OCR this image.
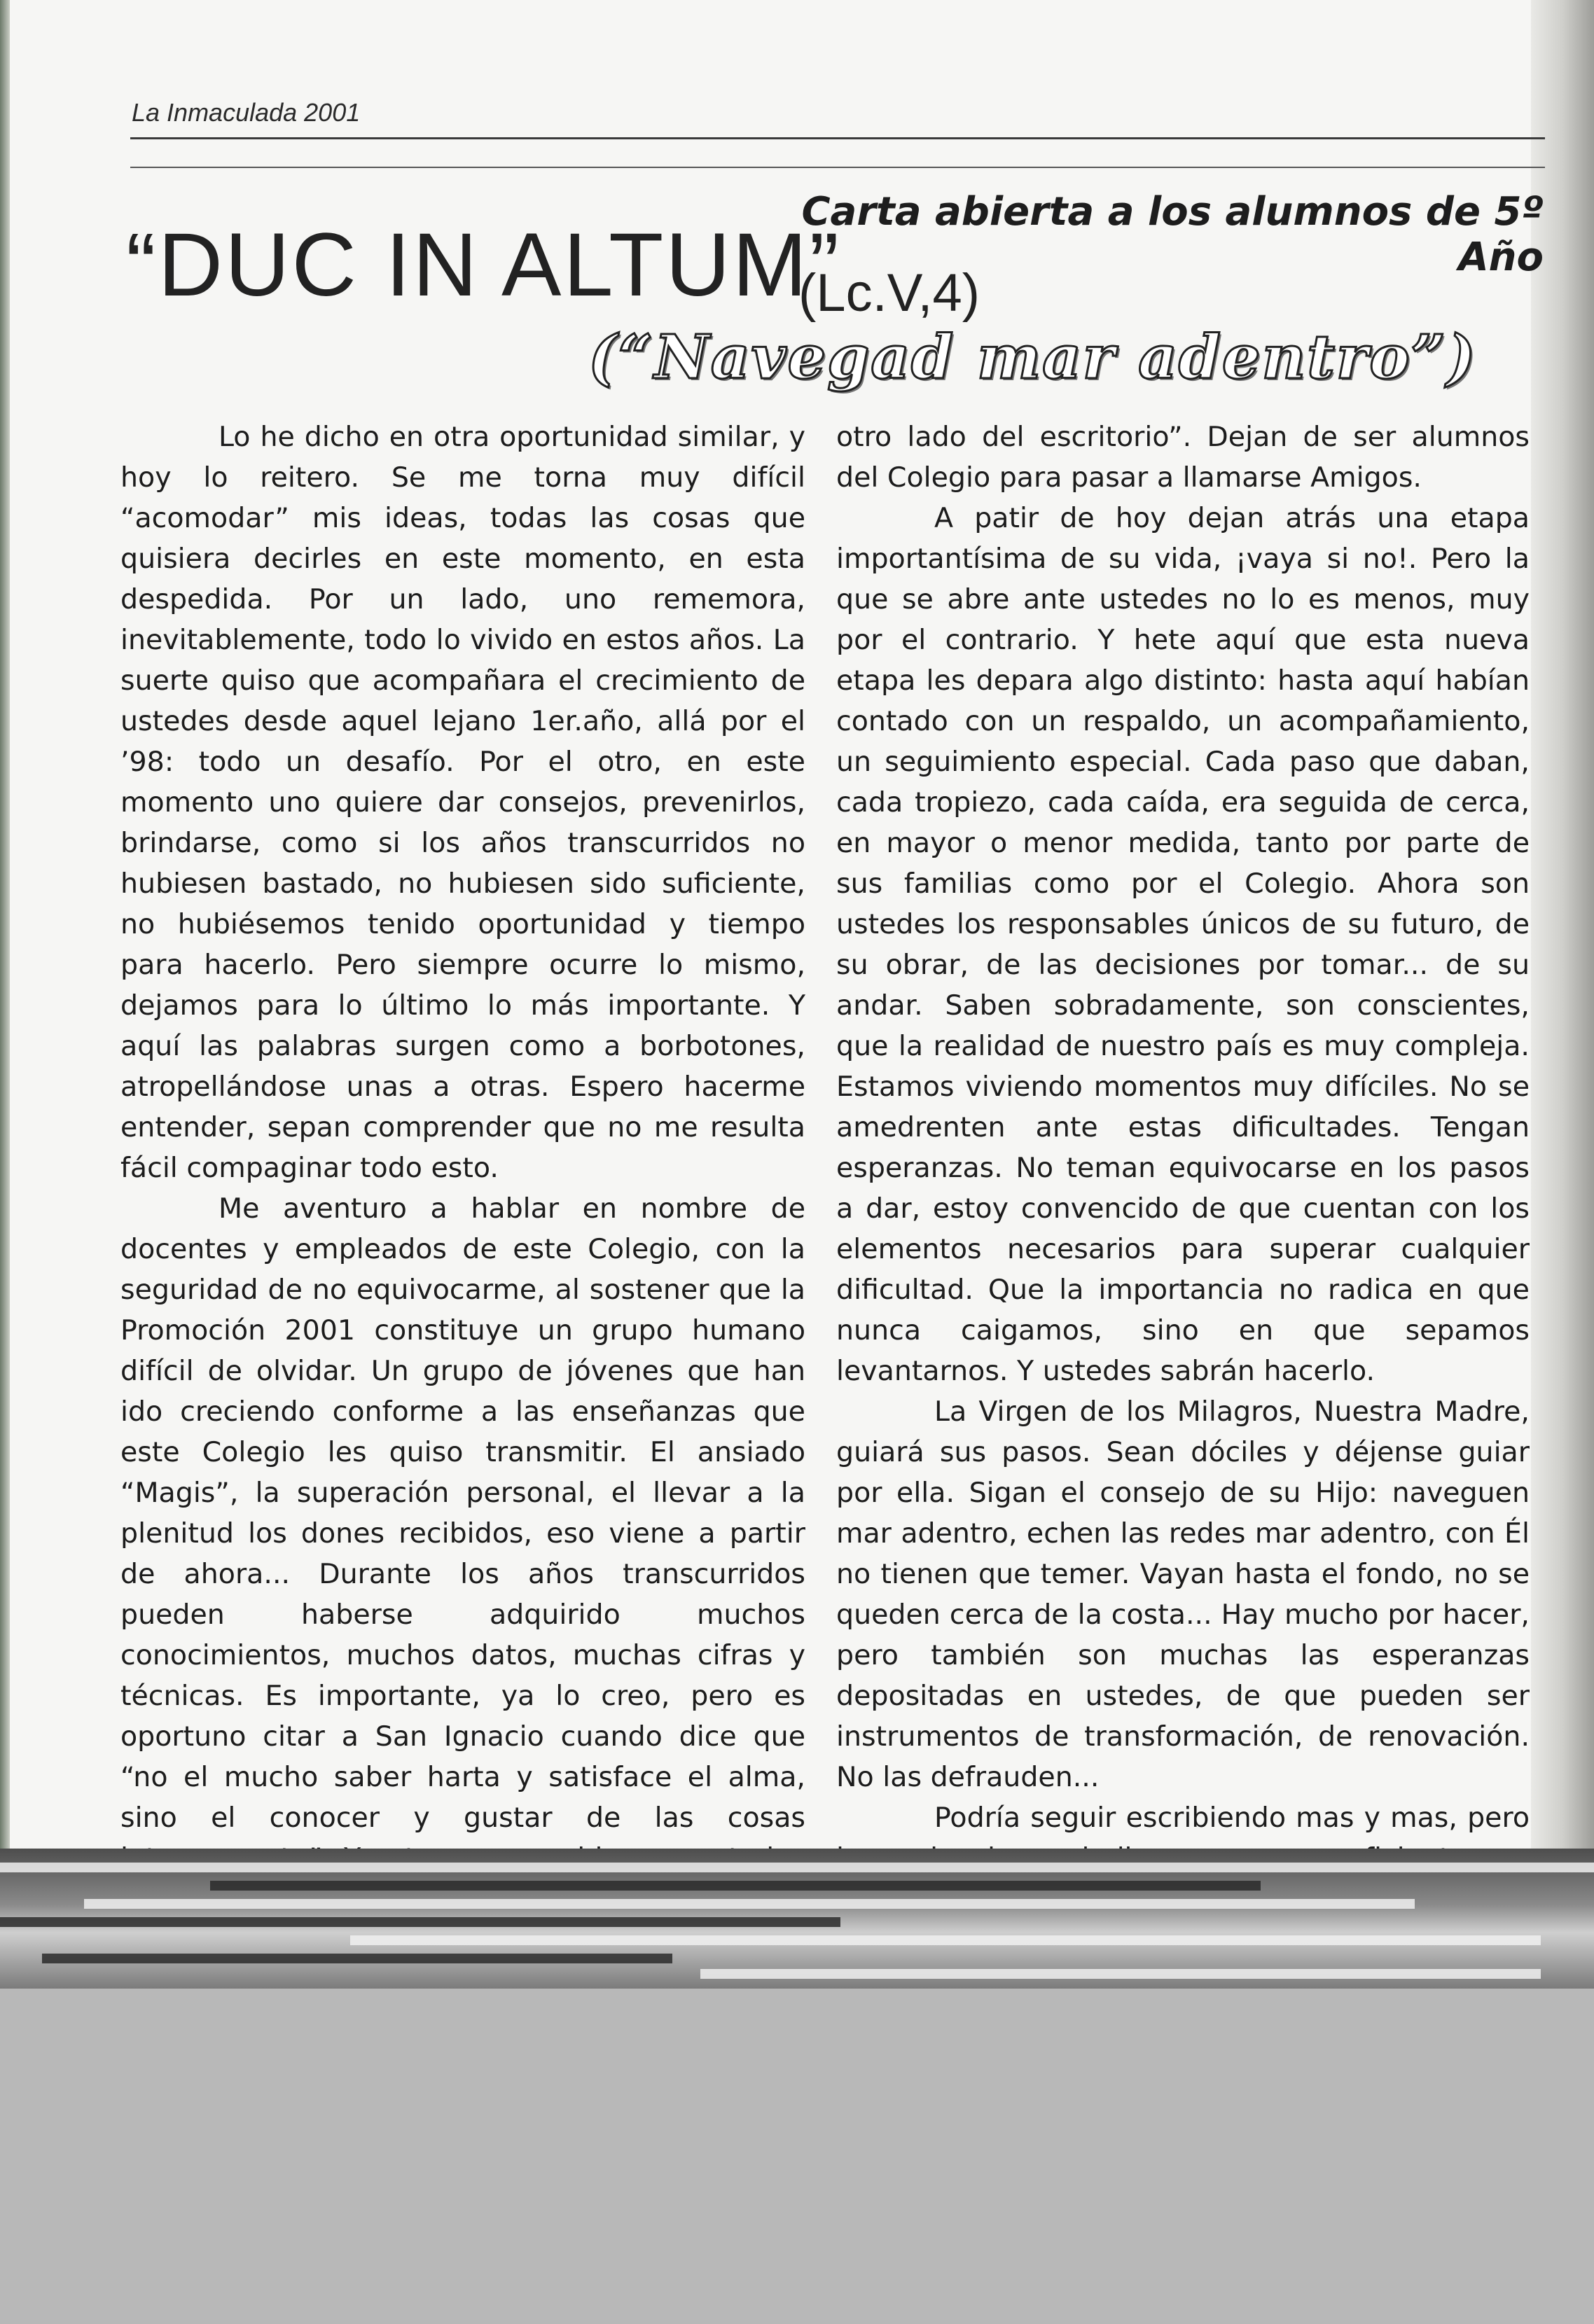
La Inmaculada 2001
Carta abierta a los alumnos de 5º Año
“DUC IN ALTUM”
(Lc.V,4)
(“Navegad mar adentro”)

Lo he dicho en otra oportunidad similar, y hoy lo reitero. Se me torna muy difícil “acomodar” mis ideas, todas las cosas que quisiera decirles en este momento, en esta despedida. Por un lado, uno rememora, inevitablemente, todo lo vivido en estos años. La suerte quiso que acompañara el crecimiento de ustedes desde aquel lejano 1er.año, allá por el ’98: todo un desafío. Por el otro, en este momento uno quiere dar consejos, prevenirlos, brindarse, como si los años transcurridos no hubiesen bastado, no hubiesen sido suficiente, no hubiésemos tenido oportunidad y tiempo para hacerlo. Pero siempre ocurre lo mismo, dejamos para lo último lo más importante. Y aquí las palabras surgen como a borbotones, atropellándose unas a otras. Espero hacerme entender, sepan comprender que no me resulta fácil compaginar todo esto.

Me aventuro a hablar en nombre de docentes y empleados de este Colegio, con la seguridad de no equivocarme, al sostener que la Promoción 2001 constituye un grupo humano difícil de olvidar. Un grupo de jóvenes que han ido creciendo conforme a las enseñanzas que este Colegio les quiso transmitir. El ansiado “Magis”, la superación personal, el llevar a la plenitud los dones recibidos, eso viene a partir de ahora... Durante los años transcurridos pueden haberse adquirido muchos conocimientos, muchos datos, muchas cifras y técnicas. Es importante, ya lo creo, pero es oportuno citar a San Ignacio cuando dice que “no el mucho saber harta y satisface el alma, sino el conocer y gustar de las cosas

otro lado del escritorio”. Dejan de ser alumnos del Colegio para pasar a llamarse Amigos.

A patir de hoy dejan atrás una etapa importantísima de su vida, ¡vaya si no!. Pero la que se abre ante ustedes no lo es menos, muy por el contrario. Y hete aquí que esta nueva etapa les depara algo distinto: hasta aquí habían contado con un respaldo, un acompañamiento, un seguimiento especial. Cada paso que daban, cada tropiezo, cada caída, era seguida de cerca, en mayor o menor medida, tanto por parte de sus familias como por el Colegio. Ahora son ustedes los responsables únicos de su futuro, de su obrar, de las decisiones por tomar... de su andar. Saben sobradamente, son conscientes, que la realidad de nuestro país es muy compleja. Estamos viviendo momentos muy difíciles. No se amedrenten ante estas dificultades. Tengan esperanzas. No teman equivocarse en los pasos a dar, estoy convencido de que cuentan con los elementos necesarios para superar cualquier dificultad. Que la importancia no radica en que nunca caigamos, sino en que sepamos levantarnos. Y ustedes sabrán hacerlo.

La Virgen de los Milagros, Nuestra Madre, guiará sus pasos. Sean dóciles y déjense guiar por ella. Sigan el consejo de su Hijo: naveguen mar adentro, echen las redes mar adentro, con Él no tienen que temer. Vayan hasta el fondo, no se queden cerca de la costa... Hay mucho por hacer, pero también son muchas las esperanzas depositadas en ustedes, de que pueden ser instrumentos de transformación, de renovación. No las defrauden...

Podría seguir escribiendo mas y mas, pero
